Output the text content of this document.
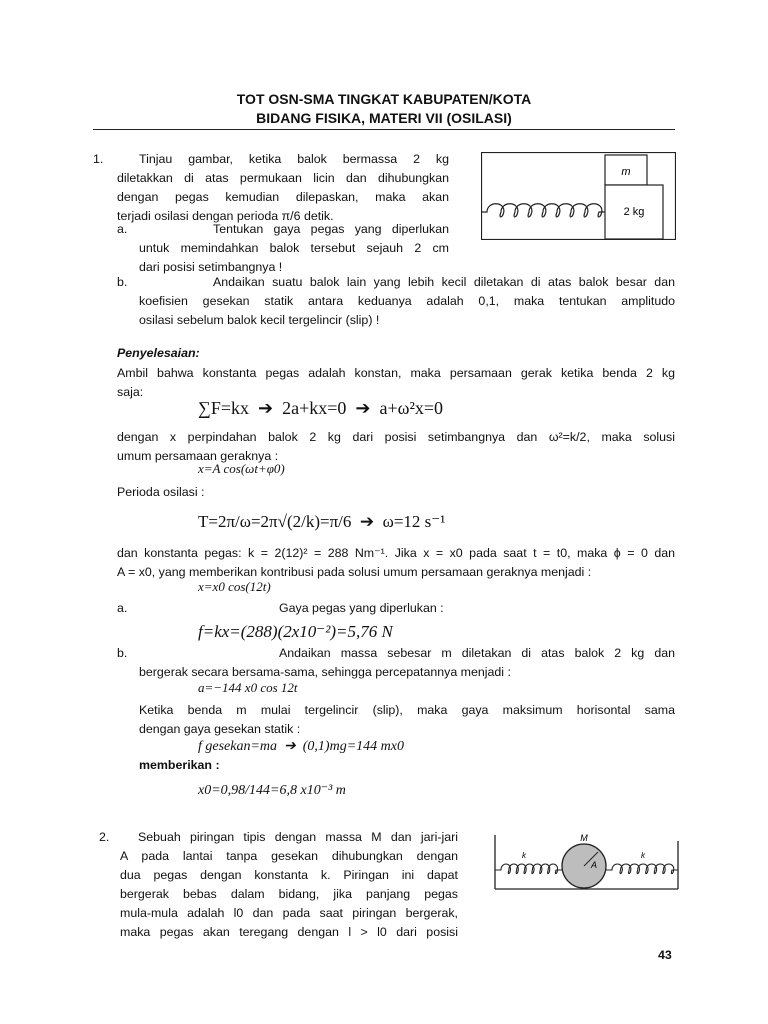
TOT OSN-SMA TINGKAT KABUPATEN/KOTA
BIDANG FISIKA, MATERI VII (OSILASI)
1.	Tinjau gambar, ketika balok bermassa 2 kg
diletakkan di atas permukaan licin dan dihubungkan
dengan pegas kemudian dilepaskan, maka akan
terjadi osilasi dengan perioda π/6 detik.
a.	Tentukan gaya pegas yang diperlukan
untuk memindahkan balok tersebut sejauh 2 cm
dari posisi setimbangnya !
b.	Andaikan suatu balok lain yang lebih kecil diletakan di atas balok besar dan
koefisien gesekan statik antara keduanya adalah 0,1, maka tentukan amplitudo
osilasi sebelum balok kecil tergelincir (slip) !
m
2 kg
Penyelesaian:
Ambil bahwa konstanta pegas adalah konstan, maka persamaan gerak ketika benda 2 kg
saja:
∑F=kx  ➔  2a+kx=0  ➔  a+ω²x=0
dengan x perpindahan balok 2 kg dari posisi setimbangnya dan ω²=k/2, maka solusi
umum persamaan geraknya :
x=A cos(ωt+φ0)
Perioda osilasi :
T=2π/ω=2π√(2/k)=π/6  ➔  ω=12 s⁻¹
dan konstanta pegas: k = 2(12)² = 288 Nm⁻¹. Jika x = x0 pada saat t = t0, maka ϕ = 0 dan
A = x0, yang memberikan kontribusi pada solusi umum persamaan geraknya menjadi :
x=x0 cos(12t)
a.	Gaya pegas yang diperlukan :
f=kx=(288)(2x10⁻²)=5,76 N
b.	Andaikan massa sebesar m diletakan di atas balok 2 kg dan
bergerak secara bersama-sama, sehingga percepatannya menjadi :
a=−144 x0 cos 12t
Ketika benda m mulai tergelincir (slip), maka gaya maksimum horisontal sama
dengan gaya gesekan statik :
f gesekan=ma  ➔  (0,1)mg=144 mx0
memberikan :
x0=0,98/144=6,8 x10⁻³ m
2.	Sebuah piringan tipis dengan massa M dan jari-jari
A pada lantai tanpa gesekan dihubungkan dengan
dua pegas dengan konstanta k. Piringan ini dapat
bergerak bebas dalam bidang, jika panjang pegas
mula-mula adalah l0 dan pada saat piringan bergerak,
maka pegas akan teregang dengan l > l0 dari posisi
M
A
k	k
43
